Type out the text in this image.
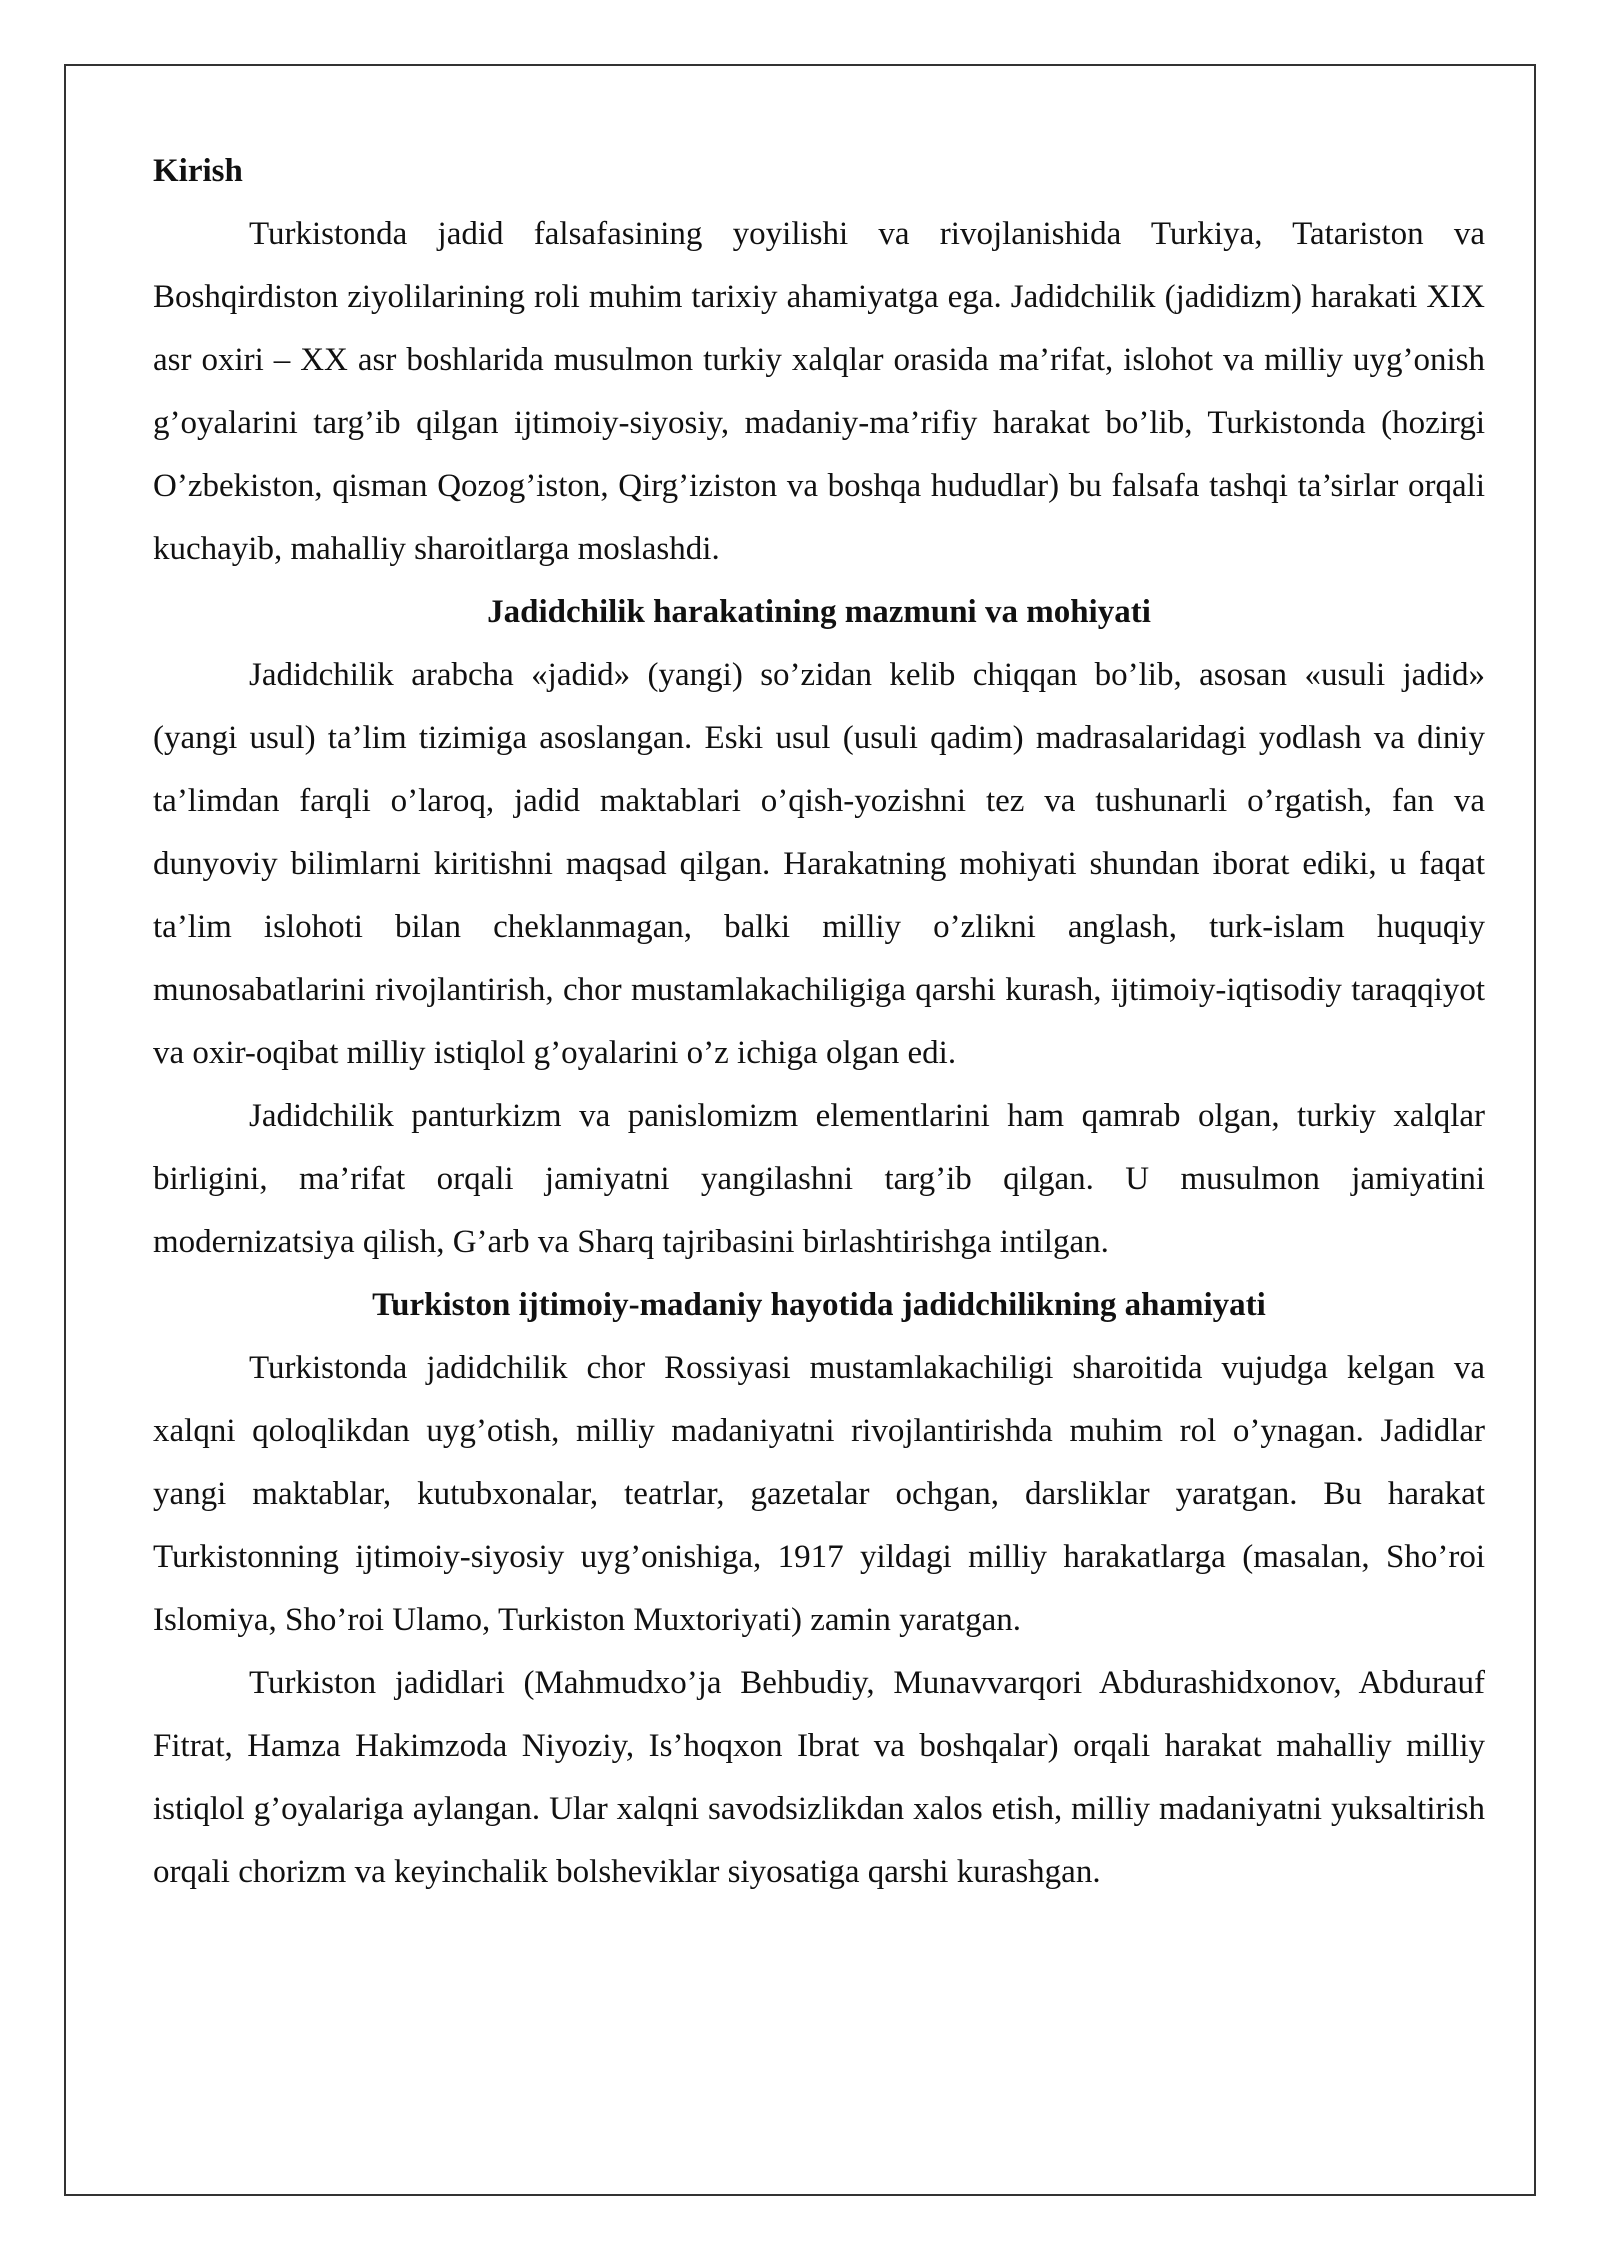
Kirish

Turkistonda jadid falsafasining yoyilishi va rivojlanishida Turkiya, Tatariston va Boshqirdiston ziyolilarining roli muhim tarixiy ahamiyatga ega. Jadidchilik (jadidizm) harakati XIX asr oxiri – XX asr boshlarida musulmon turkiy xalqlar orasida ma’rifat, islohot va milliy uyg’onish g’oyalarini targ’ib qilgan ijtimoiy-siyosiy, madaniy-ma’rifiy harakat bo’lib, Turkistonda (hozirgi O’zbekiston, qisman Qozog’iston, Qirg’iziston va boshqa hududlar) bu falsafa tashqi ta’sirlar orqali kuchayib, mahalliy sharoitlarga moslashdi.

Jadidchilik harakatining mazmuni va mohiyati

Jadidchilik arabcha «jadid» (yangi) so’zidan kelib chiqqan bo’lib, asosan «usuli jadid» (yangi usul) ta’lim tizimiga asoslangan. Eski usul (usuli qadim) madrasalaridagi yodlash va diniy ta’limdan farqli o’laroq, jadid maktablari o’qish-yozishni tez va tushunarli o’rgatish, fan va dunyoviy bilimlarni kiritishni maqsad qilgan. Harakatning mohiyati shundan iborat ediki, u faqat ta’lim islohoti bilan cheklanmagan, balki milliy o’zlikni anglash, turk-islam huquqiy munosabatlarini rivojlantirish, chor mustamlakachiligiga qarshi kurash, ijtimoiy-iqtisodiy taraqqiyot va oxir-oqibat milliy istiqlol g’oyalarini o’z ichiga olgan edi.

Jadidchilik panturkizm va panislomizm elementlarini ham qamrab olgan, turkiy xalqlar birligini, ma’rifat orqali jamiyatni yangilashni targ’ib qilgan. U musulmon jamiyatini modernizatsiya qilish, G’arb va Sharq tajribasini birlashtirishga intilgan.

Turkiston ijtimoiy-madaniy hayotida jadidchilikning ahamiyati

Turkistonda jadidchilik chor Rossiyasi mustamlakachiligi sharoitida vujudga kelgan va xalqni qoloqlikdan uyg’otish, milliy madaniyatni rivojlantirishda muhim rol o’ynagan. Jadidlar yangi maktablar, kutubxonalar, teatrlar, gazetalar ochgan, darsliklar yaratgan. Bu harakat Turkistonning ijtimoiy-siyosiy uyg’onishiga, 1917 yildagi milliy harakatlarga (masalan, Sho’roi Islomiya, Sho’roi Ulamo, Turkiston Muxtoriyati) zamin yaratgan.

Turkiston jadidlari (Mahmudxo’ja Behbudiy, Munavvarqori Abdurashidxonov, Abdurauf Fitrat, Hamza Hakimzoda Niyoziy, Is’hoqxon Ibrat va boshqalar) orqali harakat mahalliy milliy istiqlol g’oyalariga aylangan. Ular xalqni savodsizlikdan xalos etish, milliy madaniyatni yuksaltirish orqali chorizm va keyinchalik bolsheviklar siyosatiga qarshi kurashgan.
